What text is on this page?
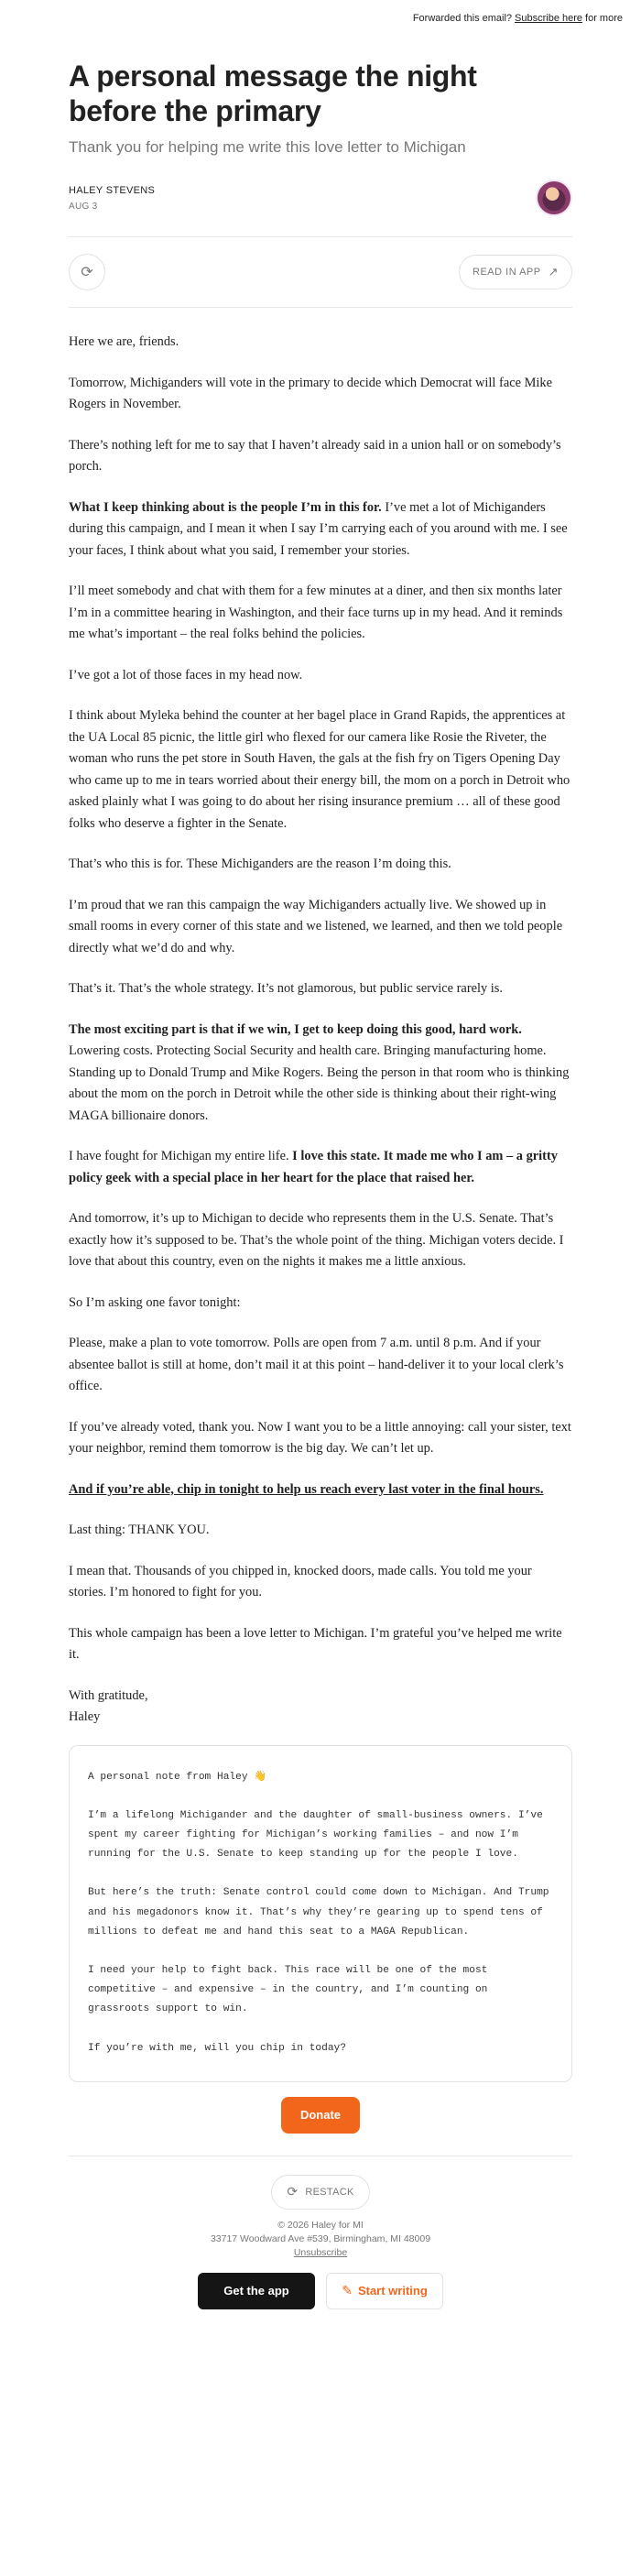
Forwarded this email? Subscribe here for more
A personal message the night before the primary
Thank you for helping me write this love letter to Michigan
HALEY STEVENS
AUG 3
⟳	READ IN APP ↗

Here we are, friends.

Tomorrow, Michiganders will vote in the primary to decide which Democrat will face Mike Rogers in November.

There’s nothing left for me to say that I haven’t already said in a union hall or on somebody’s porch.

What I keep thinking about is the people I’m in this for. I’ve met a lot of Michiganders during this campaign, and I mean it when I say I’m carrying each of you around with me. I see your faces, I think about what you said, I remember your stories.

I’ll meet somebody and chat with them for a few minutes at a diner, and then six months later I’m in a committee hearing in Washington, and their face turns up in my head. And it reminds me what’s important – the real folks behind the policies.

I’ve got a lot of those faces in my head now.

I think about Myleka behind the counter at her bagel place in Grand Rapids, the apprentices at the UA Local 85 picnic, the little girl who flexed for our camera like Rosie the Riveter, the woman who runs the pet store in South Haven, the gals at the fish fry on Tigers Opening Day who came up to me in tears worried about their energy bill, the mom on a porch in Detroit who asked plainly what I was going to do about her rising insurance premium … all of these good folks who deserve a fighter in the Senate.

That’s who this is for. These Michiganders are the reason I’m doing this.

I’m proud that we ran this campaign the way Michiganders actually live. We showed up in small rooms in every corner of this state and we listened, we learned, and then we told people directly what we’d do and why.

That’s it. That’s the whole strategy. It’s not glamorous, but public service rarely is.

The most exciting part is that if we win, I get to keep doing this good, hard work. Lowering costs. Protecting Social Security and health care. Bringing manufacturing home. Standing up to Donald Trump and Mike Rogers. Being the person in that room who is thinking about the mom on the porch in Detroit while the other side is thinking about their right-wing MAGA billionaire donors.

I have fought for Michigan my entire life. I love this state. It made me who I am – a gritty policy geek with a special place in her heart for the place that raised her.

And tomorrow, it’s up to Michigan to decide who represents them in the U.S. Senate. That’s exactly how it’s supposed to be. That’s the whole point of the thing. Michigan voters decide. I love that about this country, even on the nights it makes me a little anxious.

So I’m asking one favor tonight:

Please, make a plan to vote tomorrow. Polls are open from 7 a.m. until 8 p.m. And if your absentee ballot is still at home, don’t mail it at this point – hand-deliver it to your local clerk’s office.

If you’ve already voted, thank you. Now I want you to be a little annoying: call your sister, text your neighbor, remind them tomorrow is the big day. We can’t let up.

And if you’re able, chip in tonight to help us reach every last voter in the final hours.

Last thing: THANK YOU.

I mean that. Thousands of you chipped in, knocked doors, made calls. You told me your stories. I’m honored to fight for you.

This whole campaign has been a love letter to Michigan. I’m grateful you’ve helped me write it.

With gratitude,
Haley

A personal note from Haley 👋

I’m a lifelong Michigander and the daughter of small-business owners. I’ve spent my career fighting for Michigan’s working families – and now I’m running for the U.S. Senate to keep standing up for the people I love.

But here’s the truth: Senate control could come down to Michigan. And Trump and his megadonors know it. That’s why they’re gearing up to spend tens of millions to defeat me and hand this seat to a MAGA Republican.

I need your help to fight back. This race will be one of the most competitive – and expensive – in the country, and I’m counting on grassroots support to win.

If you’re with me, will you chip in today?

Donate
⟳ RESTACK
© 2026 Haley for MI
33717 Woodward Ave #539, Birmingham, MI 48009
Unsubscribe
Get the app	✎ Start writing
